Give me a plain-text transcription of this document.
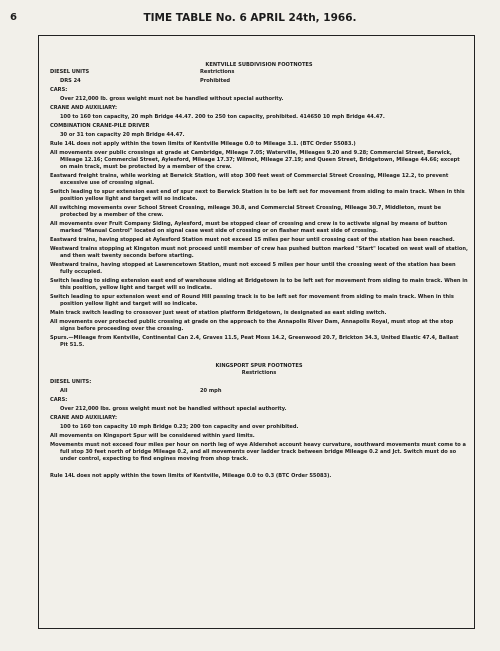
6	TIME TABLE No. 6 APRIL 24th, 1966.

KENTVILLE SUBDIVISION FOOTNOTES

DIESEL UNITS	Restrictions
DRS 24	Prohibited
CARS:
Over 212,000 lb. gross weight must not be handled without special authority.
CRANE AND AUXILIARY:
100 to 160 ton capacity, 20 mph Bridge 44.47. 200 to 250 ton capacity, prohibited. 414650 10 mph Bridge 44.47.
COMBINATION CRANE-PILE DRIVER
30 or 31 ton capacity 20 mph Bridge 44.47.

Rule 14L does not apply within the town limits of Kentville Mileage 0.0 to Mileage 3.1. (BTC Order 55083.)

All movements over public crossings at grade at Cambridge, Mileage 7.05; Waterville, Mileages 9.20 and 9.28; Commercial Street, Berwick, Mileage 12.16; Commercial Street, Aylesford, Mileage 17.37; Wilmot, Mileage 27.19; and Queen Street, Bridgetown, Mileage 44.66; except on main track, must be protected by a member of the crew.

Eastward freight trains, while working at Berwick Station, will stop 300 feet west of Commercial Street Crossing, Mileage 12.2, to prevent excessive use of crossing signal.

Switch leading to spur extension east end of spur next to Berwick Station is to be left set for movement from siding to main track. When in this position yellow light and target will so indicate.

All switching movements over School Street Crossing, mileage 30.8, and Commercial Street Crossing, Mileage 30.7, Middleton, must be protected by a member of the crew.

All movements over Fruit Company Siding, Aylesford, must be stopped clear of crossing and crew is to activate signal by means of button marked "Manual Control" located on signal case west side of crossing or on flasher mast east side of crossing.

Eastward trains, having stopped at Aylesford Station must not exceed 15 miles per hour until crossing cast of the station has been reached.

Westward trains stopping at Kingston must not proceed until member of crew has pushed button marked "Start" located on west wall of station, and then wait twenty seconds before starting.

Westward trains, having stopped at Lawrencetown Station, must not exceed 5 miles per hour until the crossing west of the station has been fully occupied.

Switch leading to siding extension east end of warehouse siding at Bridgetown is to be left set for movement from siding to main track. When in this position, yellow light and target will so indicate.

Switch leading to spur extension west end of Round Hill passing track is to be left set for movement from siding to main track. When in this position yellow light and target will so indicate.

Main track switch leading to crossover just west of station platform Bridgetown, is designated as east siding switch.

All movements over protected public crossing at grade on the approach to the Annapolis River Dam, Annapolis Royal, must stop at the stop signs before proceeding over the crossing.

Spurs.—Mileage from Kentville, Continental Can 2.4, Graves 11.5, Peat Moss 14.2, Greenwood 20.7, Brickton 34.3, United Elastic 47.4, Ballast Pit 51.5.

KINGSPORT SPUR FOOTNOTES

Restrictions

DIESEL UNITS:
All	20 mph
CARS:
Over 212,000 lbs. gross weight must not be handled without special authority.
CRANE AND AUXILIARY:
100 to 160 ton capacity 10 mph Bridge 0.23; 200 ton capacity and over prohibited.

All movements on Kingsport Spur will be considered within yard limits.

Movements must not exceed four miles per hour on north leg of wye Aldershot account heavy curvature, southward movements must come to a full stop 30 feet north of bridge Mileage 0.2, and all movements over ladder track between bridge Mileage 0.2 and Jct. Switch must do so under control, expecting to find engines moving from shop track.

Rule 14L does not apply within the town limits of Kentville, Mileage 0.0 to 0.3 (BTC Order 55083).
